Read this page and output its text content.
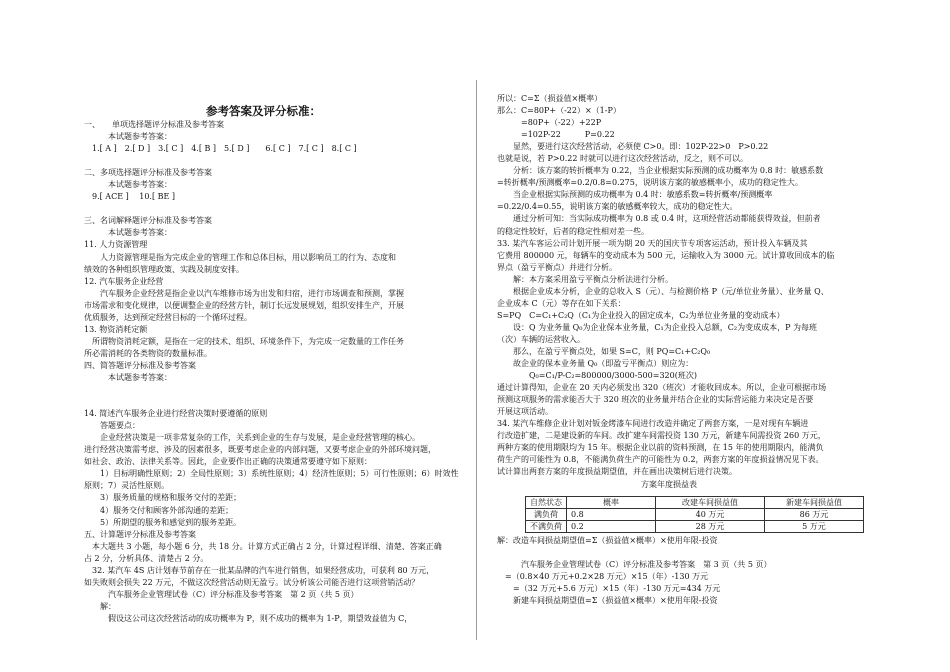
参考答案及评分标准：

一、　　单项选择题评分标准及参考答案

　　　本试题参考答案：

　1.[ A ]　2.[ D ]　3.[ C ]　4.[ B ]　5.[ D ]　　6.[ C ]　7.[ C ]　8.[ C ]

二、多项选择题评分标准及参考答案

　　　本试题参考答案：

　9.[ ACE ]　 10.[ BE ]

三、名词解释题评分标准及参考答案

　　　本试题参考答案：

11. 人力资源管理

　　人力资源管理是指为完成企业的管理工作和总体目标，用以影响员工的行为、态度和

绩效的各种组织管理政策、实践及制度安排。

12. 汽车服务企业经营

　　汽车服务企业经营是指企业以汽车维修市场为出发和归宿，进行市场调查和预测，掌握

市场需求和变化规律，以便调整企业的经营方针，制订长远发展规划，组织安排生产，开展

优质服务，达到预定经营目标的一个循环过程。

13. 物资消耗定额

　所谓物资消耗定额，是指在一定的技术、组织、环境条件下，为完成一定数量的工作任务

所必需消耗的各类物资的数量标准。

四、简答题评分标准及参考答案

　　　本试题参考答案：

14. 简述汽车服务企业进行经营决策时要遵循的原则

　　答题要点：

　　企业经营决策是一项非常复杂的工作，关系到企业的生存与发展，是企业经营管理的核心。

进行经营决策需考虑、涉及的因素很多，既要考虑企业的内部问题，又要考虑企业的外部环境问题，

如社会、政治、法律关系等。因此，企业要作出正确的决策通常要遵守如下原则：

　　1）目标明确性原则；2）全局性原则；3）系统性原则；4）经济性原则；5）可行性原则；6）时效性

原则；7）灵活性原则。

　　3）服务质量的规格和服务交付的差距；

　　4）服务交付和顾客外部沟通的差距；

　　5）所期望的服务和感觉到的服务差距。

五、计算题评分标准及参考答案

　本大题共 3 小题，每小题 6 分，共 18 分。计算方式正确占 2 分，计算过程详细、清楚、答案正确

占 2 分，分析具体、清楚占 2 分。

　32. 某汽车 4S 店计划春节前存在一批某品牌的汽车进行销售，如果经营成功，可获利 80 万元，

如失败则会损失 22 万元，不做这次经营活动则无盈亏。试分析该公司能否进行这项营销活动？

　　　汽车服务企业管理试卷（C）评分标准及参考答案　第 2 页（共 5 页）

　　解：

　　　假设这公司这次经营活动的成功概率为 P，则不成功的概率为 1-P，期望效益值为 C，

所以：C=Σ（损益值×概率）

那么：C=80P+（-22）×（1-P）

　　　=80P+（-22）+22P

　　　=102P-22　　　P=0.22

　　显然，要进行这次经营活动，必须使 C>0。即：102P-22>0　P>0.22

也就是说，若 P>0.22 时就可以进行这次经营活动，反之，则不可以。

　　分析：该方案的转折概率为 0.22，当企业根据实际预测的成功概率为 0.8 时：敏感系数

=转折概率/预测概率=0.2/0.8=0.275，说明该方案的敏感概率小，成功的稳定性大。

　　当企业根据实际预测的成功概率为 0.4 时：敏感系数=转折概率/预测概率

=0.22/0.4=0.55，说明该方案的敏感概率较大，成功的稳定性大。

　　通过分析可知：当实际成功概率为 0.8 或 0.4 时，这项经营活动都能获得效益，但前者

的稳定性较好，后者的稳定性相对差一些。

33. 某汽车客运公司计划开展一项为期 20 天的国庆节专项客运活动，预计投入车辆及其

它费用 800000 元，每辆车的变动成本为 500 元，运输收入为 3000 元。试计算收回成本的临

界点（盈亏平衡点）并进行分析。

　　解：本方案采用盈亏平衡点分析法进行分析。

　　根据企业成本分析，企业的总收入 S（元）、与检测价格 P（元/单位业务量）、业务量 Q、

企业成本 C（元）等存在如下关系：

S=PQ　C=C₁+C₂Q（C₁为企业投入的固定成本，C₂为单位业务量的变动成本）

　　设：Q 为业务量 Q₀为企业保本业务量，C₁为企业投入总额，C₂为变成成本，P 为每班

（次）车辆的运营收入。

　　那么，在盈亏平衡点处，如果 S=C，则 PQ=C₁+C₂Q₀

　　故企业的保本业务量 Q₀（即盈亏平衡点）则应为：

　　　　Q₀=C₁/P-C₂=800000/3000-500=320(班次)

通过计算得知，企业在 20 天内必须发出 320（班次）才能收回成本。所以，企业可根据市场

预测这项服务的需求能否大于 320 班次的业务量并结合企业的实际营运能力来决定是否要

开展这项活动。

34. 某汽车维修企业计划对钣金烤漆车间进行改造并确定了两套方案，一是对现有车辆进

行改造扩建，二是建设新的车间。改扩建车间需投资 130 万元，新建车间需投资 260 万元，

两种方案的使用期限均为 15 年。根据企业以前的资料预测，在 15 年的使用期限内，能满负

荷生产的可能性为 0.8，不能满负荷生产的可能性为 0.2，两套方案的年度损益情况见下表。

试计算出两套方案的年度损益期望值，并在画出决策树后进行决策。

　　　　　　　　　　　　　　　　　　方案年度损益表

自然状态	概率	改建车间损益值	新建车间损益值
满负荷	0.8	40 万元	86 万元
不满负荷	0.2	28 万元	5 万元

解：改造车间损益期望值=Σ（损益值×概率）×使用年限-投资

　　　汽车服务企业管理试卷（C）评分标准及参考答案　第 3 页（共 5 页）

　=（0.8×40 万元+0.2×28 万元）×15（年）-130 万元

　　=（32 万元+5.6 万元）×15（年）-130 万元=434 万元

　　新建车间损益期望值=Σ（损益值×概率）×使用年限-投资
